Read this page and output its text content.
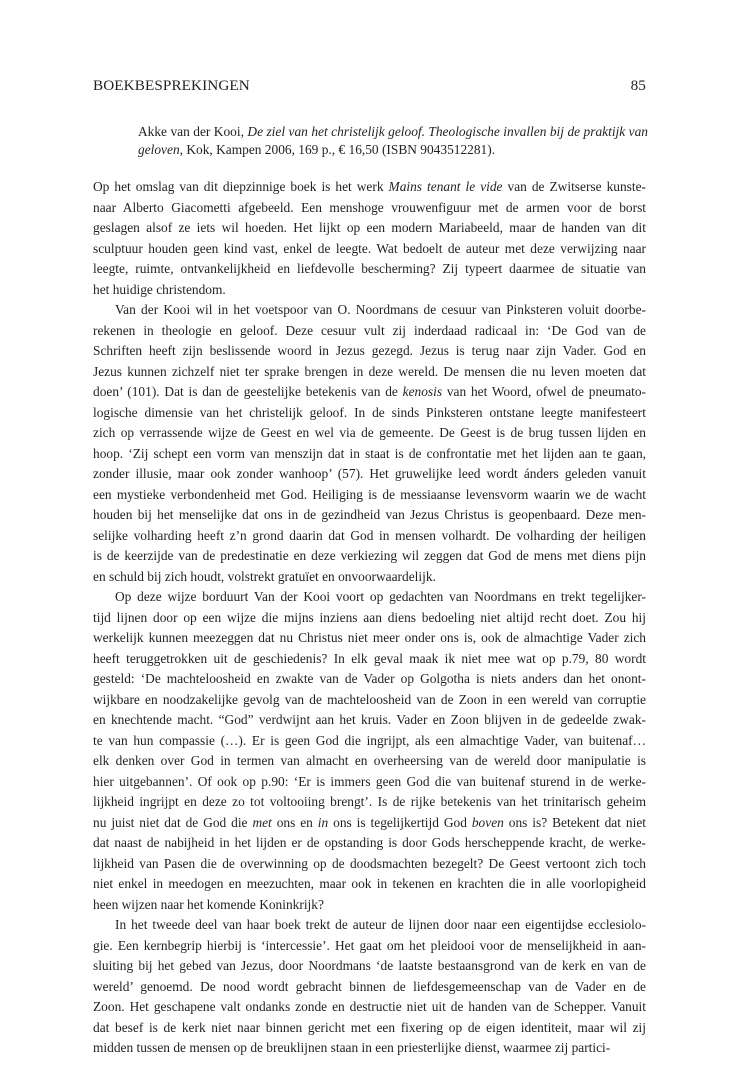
BOEKBESPREKINGEN	85
Akke van der Kooi, De ziel van het christelijk geloof. Theologische invallen bij de praktijk van geloven, Kok, Kampen 2006, 169 p., € 16,50 (ISBN 9043512281).
Op het omslag van dit diepzinnige boek is het werk Mains tenant le vide van de Zwitserse kunste-
naar Alberto Giacometti afgebeeld. Een menshoge vrouwenfiguur met de armen voor de borst
geslagen alsof ze iets wil hoeden. Het lijkt op een modern Mariabeeld, maar de handen van dit
sculptuur houden geen kind vast, enkel de leegte. Wat bedoelt de auteur met deze verwijzing naar
leegte, ruimte, ontvankelijkheid en liefdevolle bescherming? Zij typeert daarmee de situatie van
het huidige christendom.
Van der Kooi wil in het voetspoor van O. Noordmans de cesuur van Pinksteren voluit doorbe-
rekenen in theologie en geloof. Deze cesuur vult zij inderdaad radicaal in: ‘De God van de
Schriften heeft zijn beslissende woord in Jezus gezegd. Jezus is terug naar zijn Vader. God en
Jezus kunnen zichzelf niet ter sprake brengen in deze wereld. De mensen die nu leven moeten dat
doen’ (101). Dat is dan de geestelijke betekenis van de kenosis van het Woord, ofwel de pneumato-
logische dimensie van het christelijk geloof. In de sinds Pinksteren ontstane leegte manifesteert
zich op verrassende wijze de Geest en wel via de gemeente. De Geest is de brug tussen lijden en
hoop. ‘Zij schept een vorm van menszijn dat in staat is de confrontatie met het lijden aan te gaan,
zonder illusie, maar ook zonder wanhoop’ (57). Het gruwelijke leed wordt ánders geleden vanuit
een mystieke verbondenheid met God. Heiliging is de messiaanse levensvorm waarin we de wacht
houden bij het menselijke dat ons in de gezindheid van Jezus Christus is geopenbaard. Deze men-
selijke volharding heeft z’n grond daarin dat God in mensen volhardt. De volharding der heiligen
is de keerzijde van de predestinatie en deze verkiezing wil zeggen dat God de mens met diens pijn
en schuld bij zich houdt, volstrekt gratuïet en onvoorwaardelijk.
Op deze wijze borduurt Van der Kooi voort op gedachten van Noordmans en trekt tegelijker-
tijd lijnen door op een wijze die mijns inziens aan diens bedoeling niet altijd recht doet. Zou hij
werkelijk kunnen meezeggen dat nu Christus niet meer onder ons is, ook de almachtige Vader zich
heeft teruggetrokken uit de geschiedenis? In elk geval maak ik niet mee wat op p.79, 80 wordt
gesteld: ‘De machteloosheid en zwakte van de Vader op Golgotha is niets anders dan het onont-
wijkbare en noodzakelijke gevolg van de machteloosheid van de Zoon in een wereld van corruptie
en knechtende macht. “God” verdwijnt aan het kruis. Vader en Zoon blijven in de gedeelde zwak-
te van hun compassie (…). Er is geen God die ingrijpt, als een almachtige Vader, van buitenaf…
elk denken over God in termen van almacht en overheersing van de wereld door manipulatie is
hier uitgebannen’. Of ook op p.90: ‘Er is immers geen God die van buitenaf sturend in de werke-
lijkheid ingrijpt en deze zo tot voltooiing brengt’. Is de rijke betekenis van het trinitarisch geheim
nu juist niet dat de God die met ons en in ons is tegelijkertijd God boven ons is? Betekent dat niet
dat naast de nabijheid in het lijden er de opstanding is door Gods herscheppende kracht, de werke-
lijkheid van Pasen die de overwinning op de doodsmachten bezegelt? De Geest vertoont zich toch
niet enkel in meedogen en meezuchten, maar ook in tekenen en krachten die in alle voorlopigheid
heen wijzen naar het komende Koninkrijk?
In het tweede deel van haar boek trekt de auteur de lijnen door naar een eigentijdse ecclesiolo-
gie. Een kernbegrip hierbij is ‘intercessie’. Het gaat om het pleidooi voor de menselijkheid in aan-
sluiting bij het gebed van Jezus, door Noordmans ‘de laatste bestaansgrond van de kerk en van de
wereld’ genoemd. De nood wordt gebracht binnen de liefdesgemeenschap van de Vader en de
Zoon. Het geschapene valt ondanks zonde en destructie niet uit de handen van de Schepper. Vanuit
dat besef is de kerk niet naar binnen gericht met een fixering op de eigen identiteit, maar wil zij
midden tussen de mensen op de breuklijnen staan in een priesterlijke dienst, waarmee zij partici-
